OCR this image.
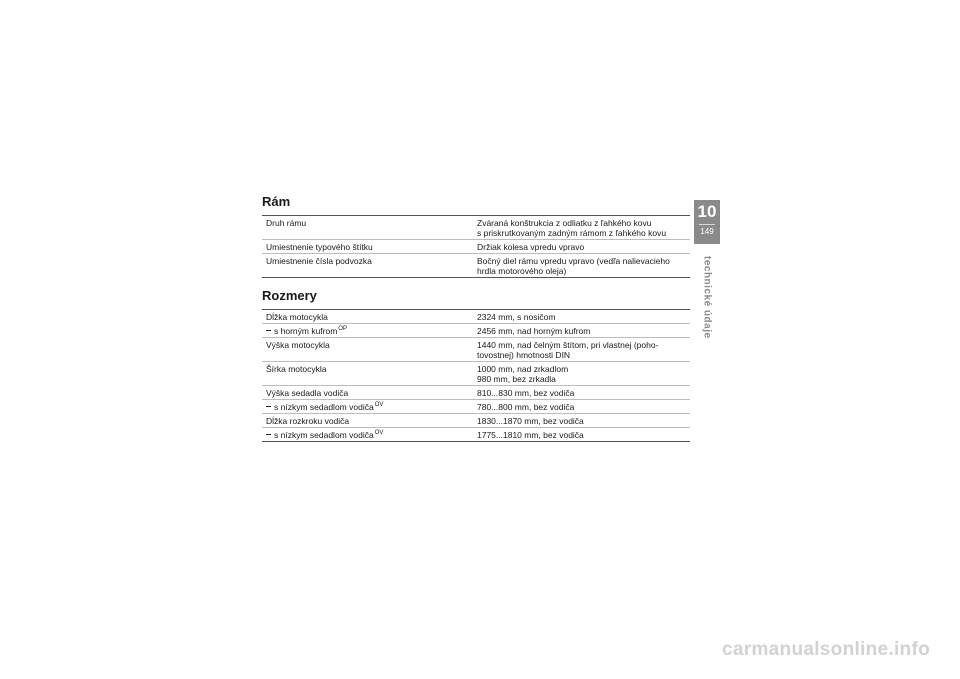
Rám
Druh rámu	Zváraná konštrukcia z odliatku z ľahkého kovu
s priskrutkovaným zadným rámom z ľahkého kovu
Umiestnenie typového štítku	Držiak kolesa vpredu vpravo
Umiestnenie čísla podvozka	Bočný diel rámu vpredu vpravo (vedľa nalievacieho
hrdla motorového oleja)
Rozmery
Dĺžka motocykla	2324 mm, s nosičom
s horným kufrom$^{OP}$	2456 mm, nad horným kufrom
Výška motocykla	1440 mm, nad čelným štítom, pri vlastnej (poho-
tovostnej) hmotnosti DIN
Šírka motocykla	1000 mm, nad zrkadlom
980 mm, bez zrkadla
Výška sedadla vodiča	810...830 mm, bez vodiča
s nízkym sedadlom vodiča$^{OV}$	780...800 mm, bez vodiča
Dĺžka rozkroku vodiča	1830...1870 mm, bez vodiča
s nízkym sedadlom vodiča$^{OV}$	1775...1810 mm, bez vodiča
10
149
technické údaje
carmanualsonline.info
